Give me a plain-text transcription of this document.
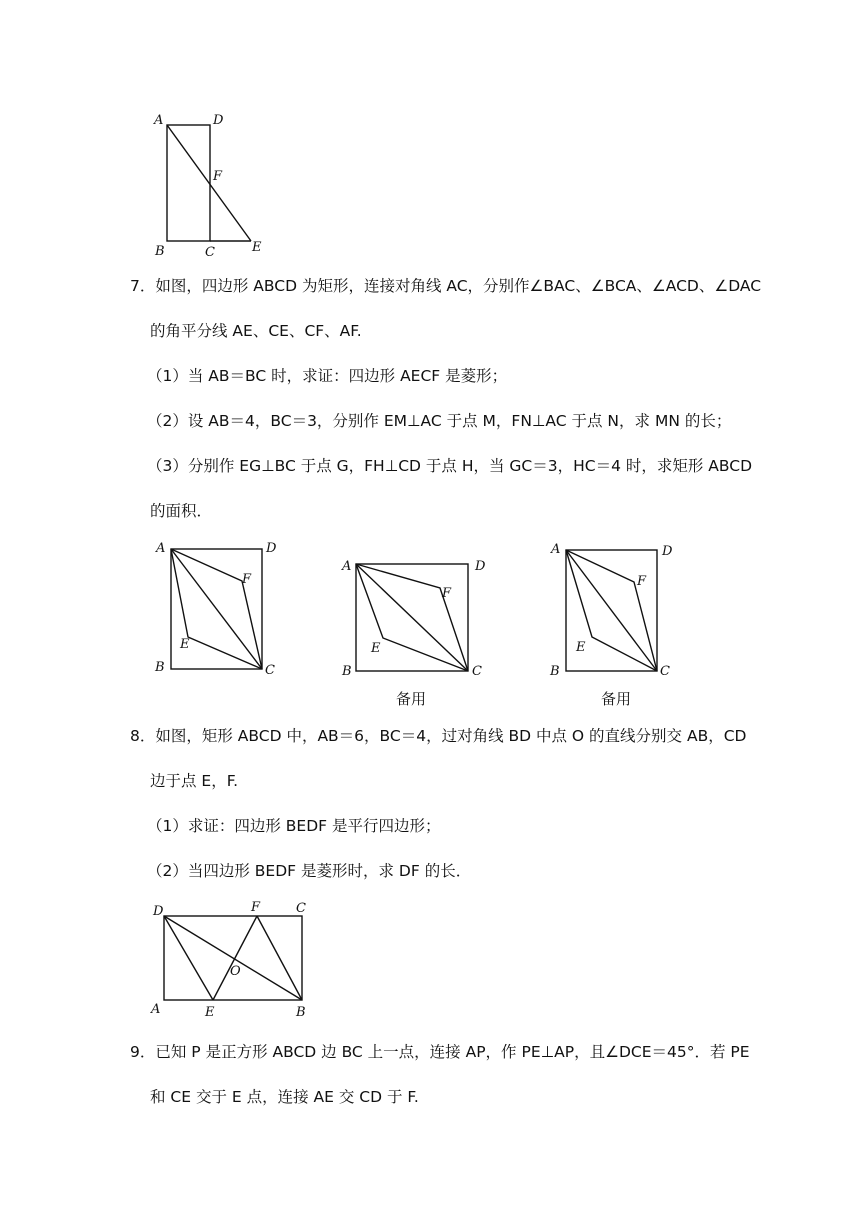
A	D
F
B	C	E
7．如图，四边形 ABCD 为矩形，连接对角线 AC，分别作∠BAC、∠BCA、∠ACD、∠DAC
的角平分线 AE、CE、CF、AF.
（1）当 AB＝BC 时，求证：四边形 AECF 是菱形；
（2）设 AB＝4，BC＝3，分别作 EM⊥AC 于点 M，FN⊥AC 于点 N，求 MN 的长；
（3）分别作 EG⊥BC 于点 G，FH⊥CD 于点 H，当 GC＝3，HC＝4 时，求矩形 ABCD
的面积．
A	D
F
E
B	C
A	D
F
E
B	C
备用
A	D
F
E
B	C
备用
8．如图，矩形 ABCD 中，AB＝6，BC＝4，过对角线 BD 中点 O 的直线分别交 AB，CD
边于点 E，F.
（1）求证：四边形 BEDF 是平行四边形；
（2）当四边形 BEDF 是菱形时，求 DF 的长．
D	F	C
O
A	E	B
9．已知 P 是正方形 ABCD 边 BC 上一点，连接 AP，作 PE⊥AP，且∠DCE＝45°．若 PE
和 CE 交于 E 点，连接 AE 交 CD 于 F.
